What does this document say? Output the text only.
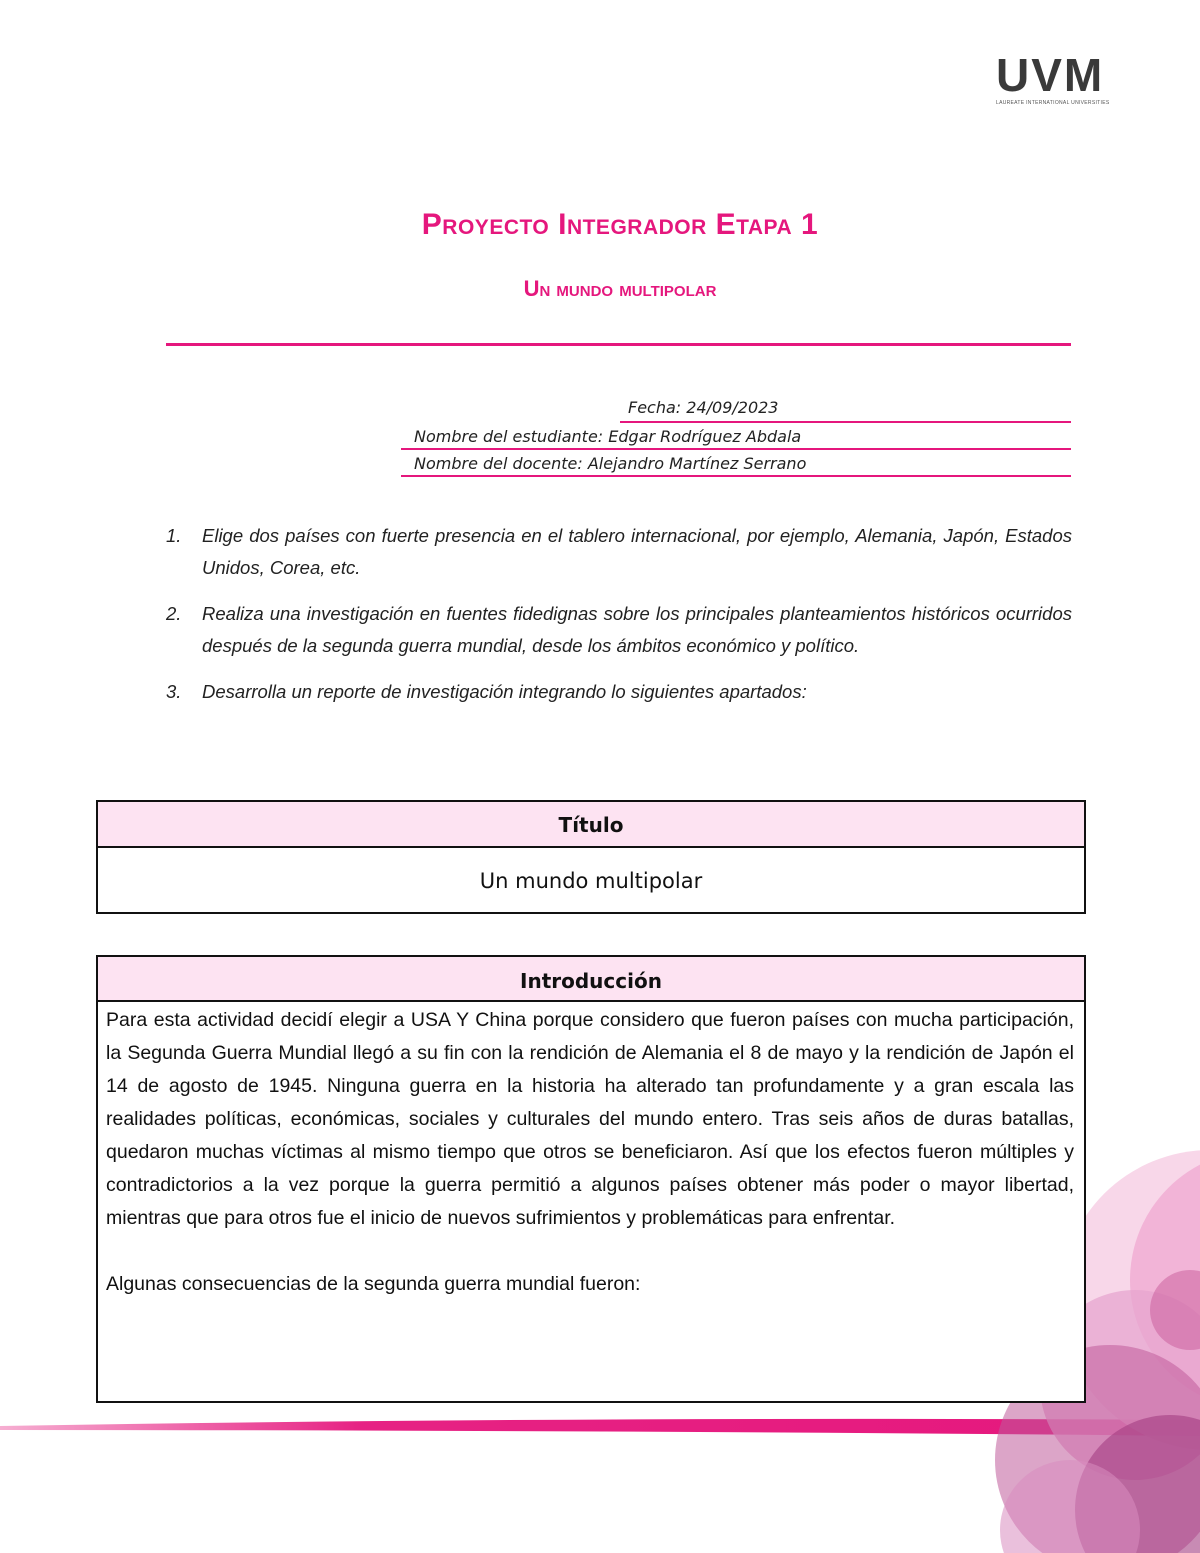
UVM
LAUREATE INTERNATIONAL UNIVERSITIES
Proyecto Integrador Etapa 1
Un mundo multipolar
Fecha: 24/09/2023
Nombre del estudiante: Edgar Rodríguez Abdala
Nombre del docente: Alejandro Martínez Serrano
1. Elige dos países con fuerte presencia en el tablero internacional, por ejemplo, Alemania, Japón, Estados Unidos, Corea, etc.
2. Realiza una investigación en fuentes fidedignas sobre los principales planteamientos históricos ocurridos después de la segunda guerra mundial, desde los ámbitos económico y político.
3. Desarrolla un reporte de investigación integrando lo siguientes apartados:
Título
Un mundo multipolar
Introducción

Para esta actividad decidí elegir a USA Y China porque considero que fueron países con mucha participación, la Segunda Guerra Mundial llegó a su fin con la rendición de Alemania el 8 de mayo y la rendición de Japón el 14 de agosto de 1945. Ninguna guerra en la historia ha alterado tan profundamente y a gran escala las realidades políticas, económicas, sociales y culturales del mundo entero. Tras seis años de duras batallas, quedaron muchas víctimas al mismo tiempo que otros se beneficiaron. Así que los efectos fueron múltiples y contradictorios a la vez porque la guerra permitió a algunos países obtener más poder o mayor libertad, mientras que para otros fue el inicio de nuevos sufrimientos y problemáticas para enfrentar.

Algunas consecuencias de la segunda guerra mundial fueron:
